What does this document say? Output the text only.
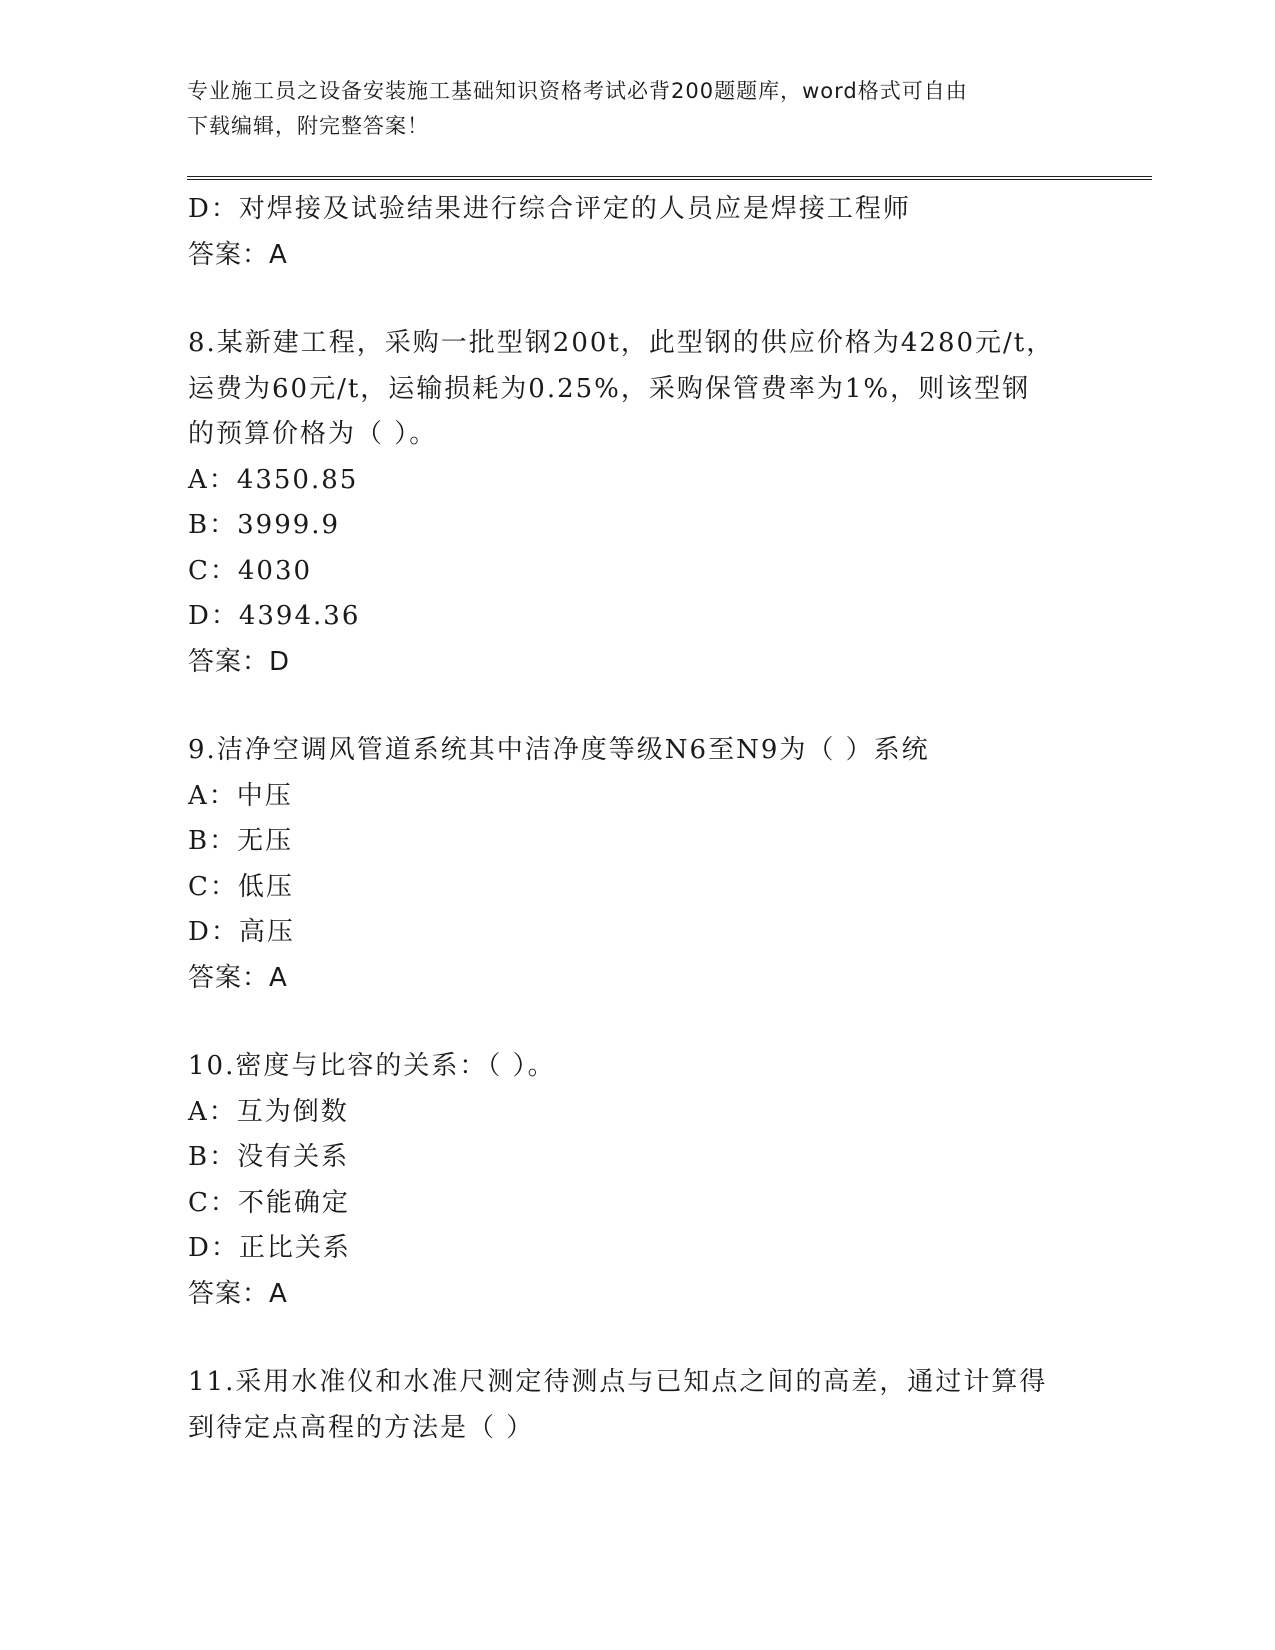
专业施工员之设备安装施工基础知识资格考试必背200题题库，word格式可自由
下载编辑，附完整答案！
D：对焊接及试验结果进行综合评定的人员应是焊接工程师
答案：A
8.某新建工程，采购一批型钢200t，此型钢的供应价格为4280元/t，
运费为60元/t，运输损耗为0.25%，采购保管费率为1%，则该型钢
的预算价格为（ ）。
A：4350.85
B：3999.9
C：4030
D：4394.36
答案：D
9.洁净空调风管道系统其中洁净度等级N6至N9为（ ）系统
A：中压
B：无压
C：低压
D：高压
答案：A
10.密度与比容的关系：（ ）。
A：互为倒数
B：没有关系
C：不能确定
D：正比关系
答案：A
11.采用水准仪和水准尺测定待测点与已知点之间的高差，通过计算得
到待定点高程的方法是（ ）
